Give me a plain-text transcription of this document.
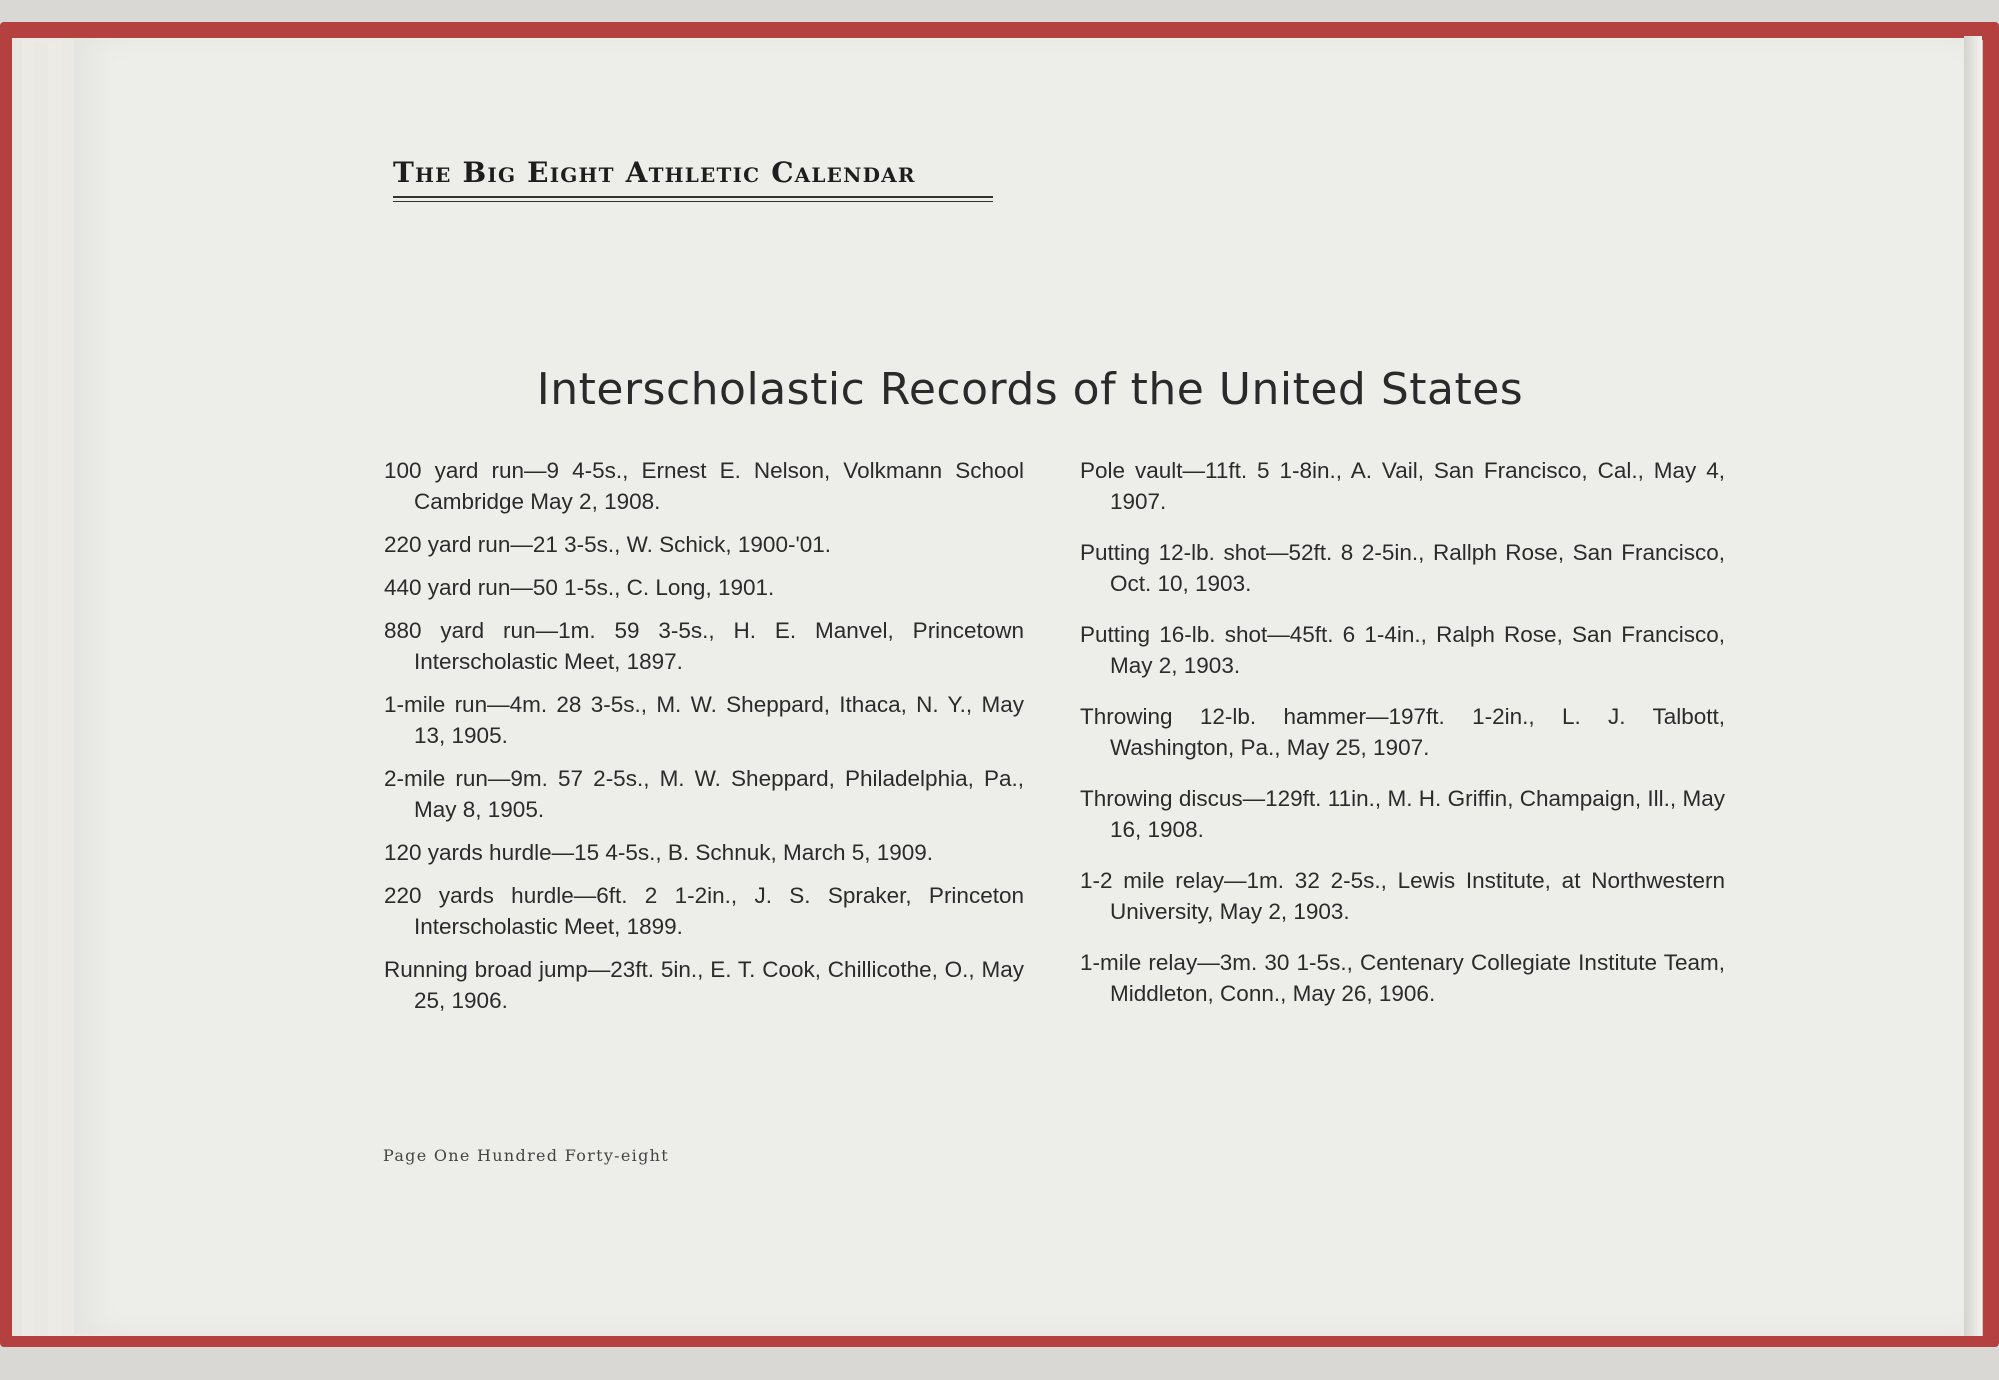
The Big Eight Athletic Calendar
Interscholastic Records of the United States

100 yard run—9 4-5s., Ernest E. Nelson, Volkmann School Cambridge May 2, 1908.

220 yard run—21 3-5s., W. Schick, 1900-'01.

440 yard run—50 1-5s., C. Long, 1901.

880 yard run—1m. 59 3-5s., H. E. Manvel, Princetown Interscholastic Meet, 1897.

1-mile run—4m. 28 3-5s., M. W. Sheppard, Ithaca, N. Y., May 13, 1905.

2-mile run—9m. 57 2-5s., M. W. Sheppard, Philadelphia, Pa., May 8, 1905.

120 yards hurdle—15 4-5s., B. Schnuk, March 5, 1909.

220 yards hurdle—6ft. 2 1-2in., J. S. Spraker, Princeton Interscholastic Meet, 1899.

Running broad jump—23ft. 5in., E. T. Cook, Chillicothe, O., May 25, 1906.

Pole vault—11ft. 5 1-8in., A. Vail, San Francisco, Cal., May 4, 1907.

Putting 12-lb. shot—52ft. 8 2-5in., Rallph Rose, San Francisco, Oct. 10, 1903.

Putting 16-lb. shot—45ft. 6 1-4in., Ralph Rose, San Francisco, May 2, 1903.

Throwing 12-lb. hammer—197ft. 1-2in., L. J. Talbott, Washington, Pa., May 25, 1907.

Throwing discus—129ft. 11in., M. H. Griffin, Champaign, Ill., May 16, 1908.

1-2 mile relay—1m. 32 2-5s., Lewis Institute, at Northwestern University, May 2, 1903.

1-mile relay—3m. 30 1-5s., Centenary Collegiate Institute Team, Middleton, Conn., May 26, 1906.

Page One Hundred Forty-eight
